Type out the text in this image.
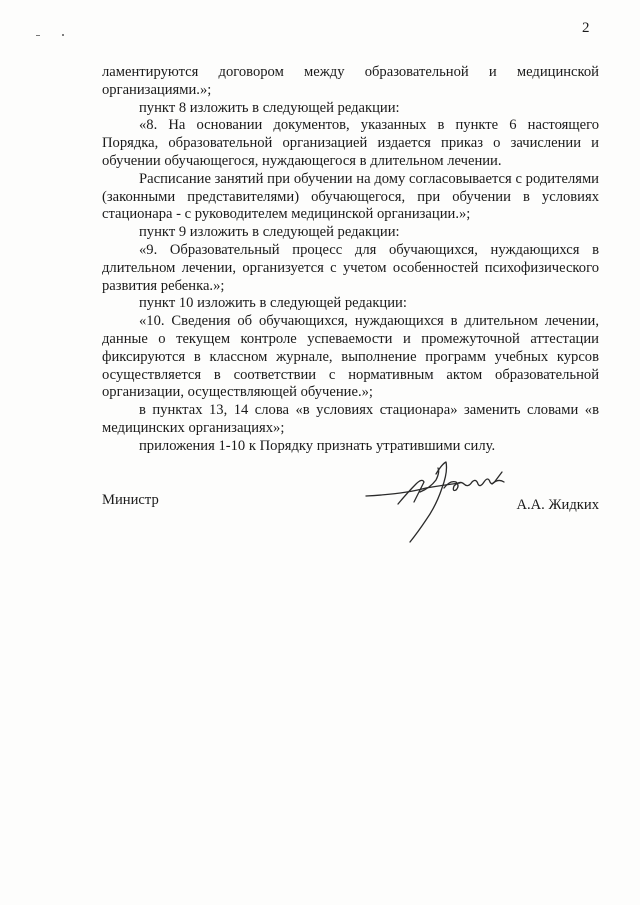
2

ламентируются договором между образовательной и медицинской организациями.»;

пункт 8 изложить в следующей редакции:

«8. На основании документов, указанных в пункте 6 настоящего Порядка, образовательной организацией издается приказ о зачислении и обучении обучающегося, нуждающегося в длительном лечении.

Расписание занятий при обучении на дому согласовывается с родителями (законными представителями) обучающегося, при обучении в условиях стационара - с руководителем медицинской организации.»;

пункт 9 изложить в следующей редакции:

«9. Образовательный процесс для обучающихся, нуждающихся в длительном лечении, организуется с учетом особенностей психофизического развития ребенка.»;

пункт 10 изложить в следующей редакции:

«10. Сведения об обучающихся, нуждающихся в длительном лечении, данные о текущем контроле успеваемости и промежуточной аттестации фиксируются в классном журнале, выполнение программ учебных курсов осуществляется в соответствии с нормативным актом образовательной организации, осуществляющей обучение.»;

в пунктах 13, 14 слова «в условиях стационара» заменить словами «в медицинских организациях»;

приложения 1-10 к Порядку признать утратившими силу.

Министр	А.А. Жидких
